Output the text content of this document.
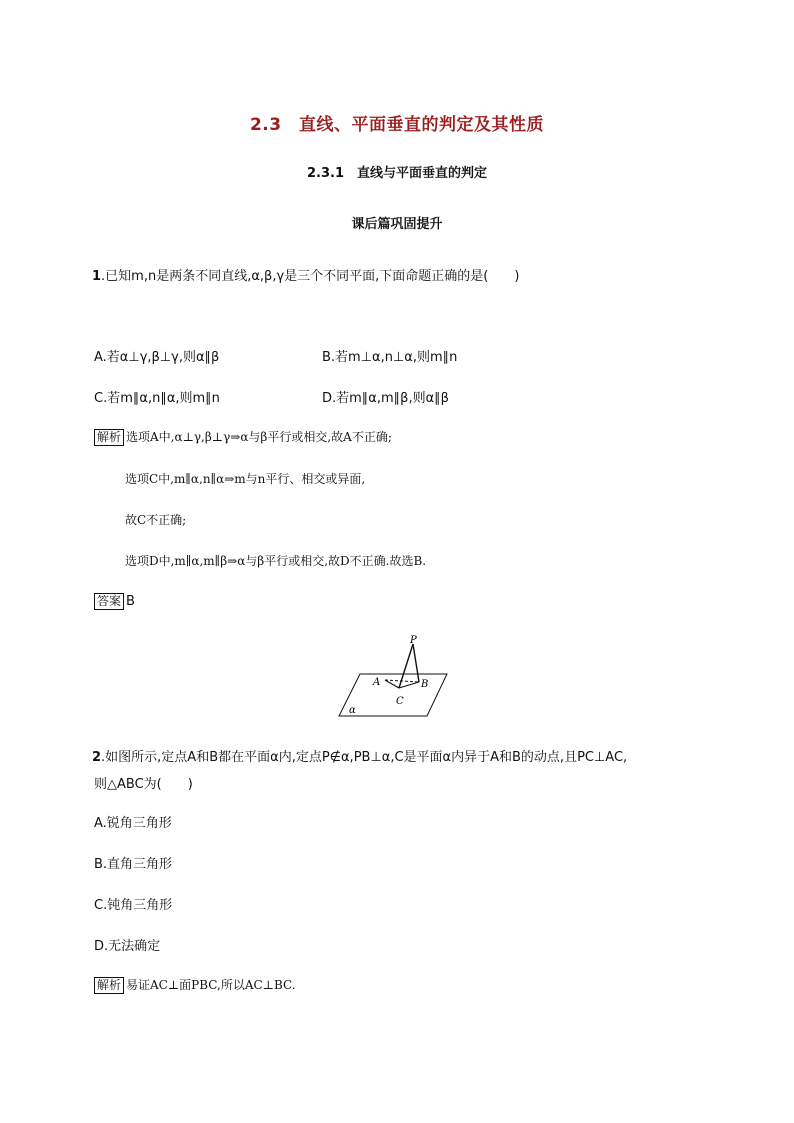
2.3　直线、平面垂直的判定及其性质
2.3.1　直线与平面垂直的判定
课后篇巩固提升
1.已知m,n是两条不同直线,α,β,γ是三个不同平面,下面命题正确的是(　　)
A.若α⊥γ,β⊥γ,则α∥β	B.若m⊥α,n⊥α,则m∥n
C.若m∥α,n∥α,则m∥n	D.若m∥α,m∥β,则α∥β
解析 选项A中,α⊥γ,β⊥γ⇒α与β平行或相交,故A不正确;
选项C中,m∥α,n∥α⇒m与n平行、相交或异面,
故C不正确;
选项D中,m∥α,m∥β⇒α与β平行或相交,故D不正确.故选B.
答案 B
P
A	B
C
α
2.如图所示,定点A和B都在平面α内,定点P∉α,PB⊥α,C是平面α内异于A和B的动点,且PC⊥AC,
则△ABC为(　　)
A.锐角三角形
B.直角三角形
C.钝角三角形
D.无法确定
解析 易证AC⊥面PBC,所以AC⊥BC.
